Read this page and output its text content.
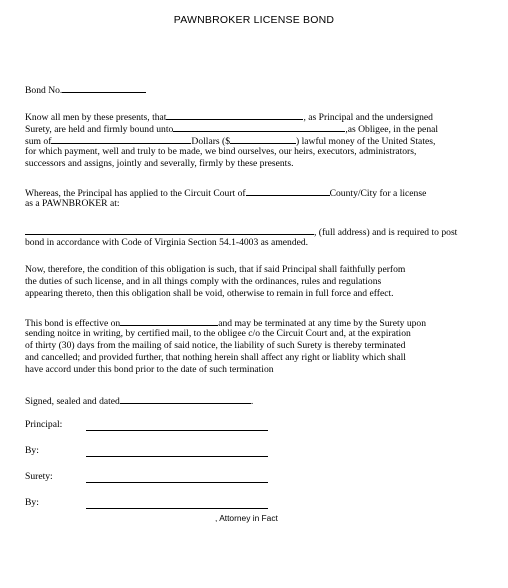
PAWNBROKER LICENSE BOND
Bond No.
Know all men by these presents, that	, as Principal and the undersigned
Surety, are held and firmly bound unto	,as Obligee, in the penal
sum of	Dollars ($	) lawful money of the United States,
for which payment, well and truly to be made, we bind ourselves, our heirs, executors, administrators,
successors and assigns, jointly and severally, firmly by these presents.
Whereas, the Principal has applied to the Circuit Court of	County/City for a license
as a PAWNBROKER at:
, (full address) and is required to post
bond in accordance with Code of Virginia Section 54.1-4003 as amended.
Now, therefore, the condition of this obligation is such, that if said Principal shall faithfully perfom
the duties of such license, and in all things comply with the ordinances, rules and regulations
appearing thereto, then this obligation shall be void, otherwise to remain in full force and effect.
This bond is effective on	and may be terminated at any time by the Surety upon
sending noitce in writing, by certified mail, to the obligee c/o the Circuit Court and, at the expiration
of thirty (30) days from the mailing of said notice, the liability of such Surety is thereby terminated
and cancelled; and provided further, that nothing herein shall affect any right or liablity which shall
have accord under this bond prior to the date of such termination
Signed, sealed and dated	.
Principal:
By:
Surety:
By:
, Attorney in Fact
